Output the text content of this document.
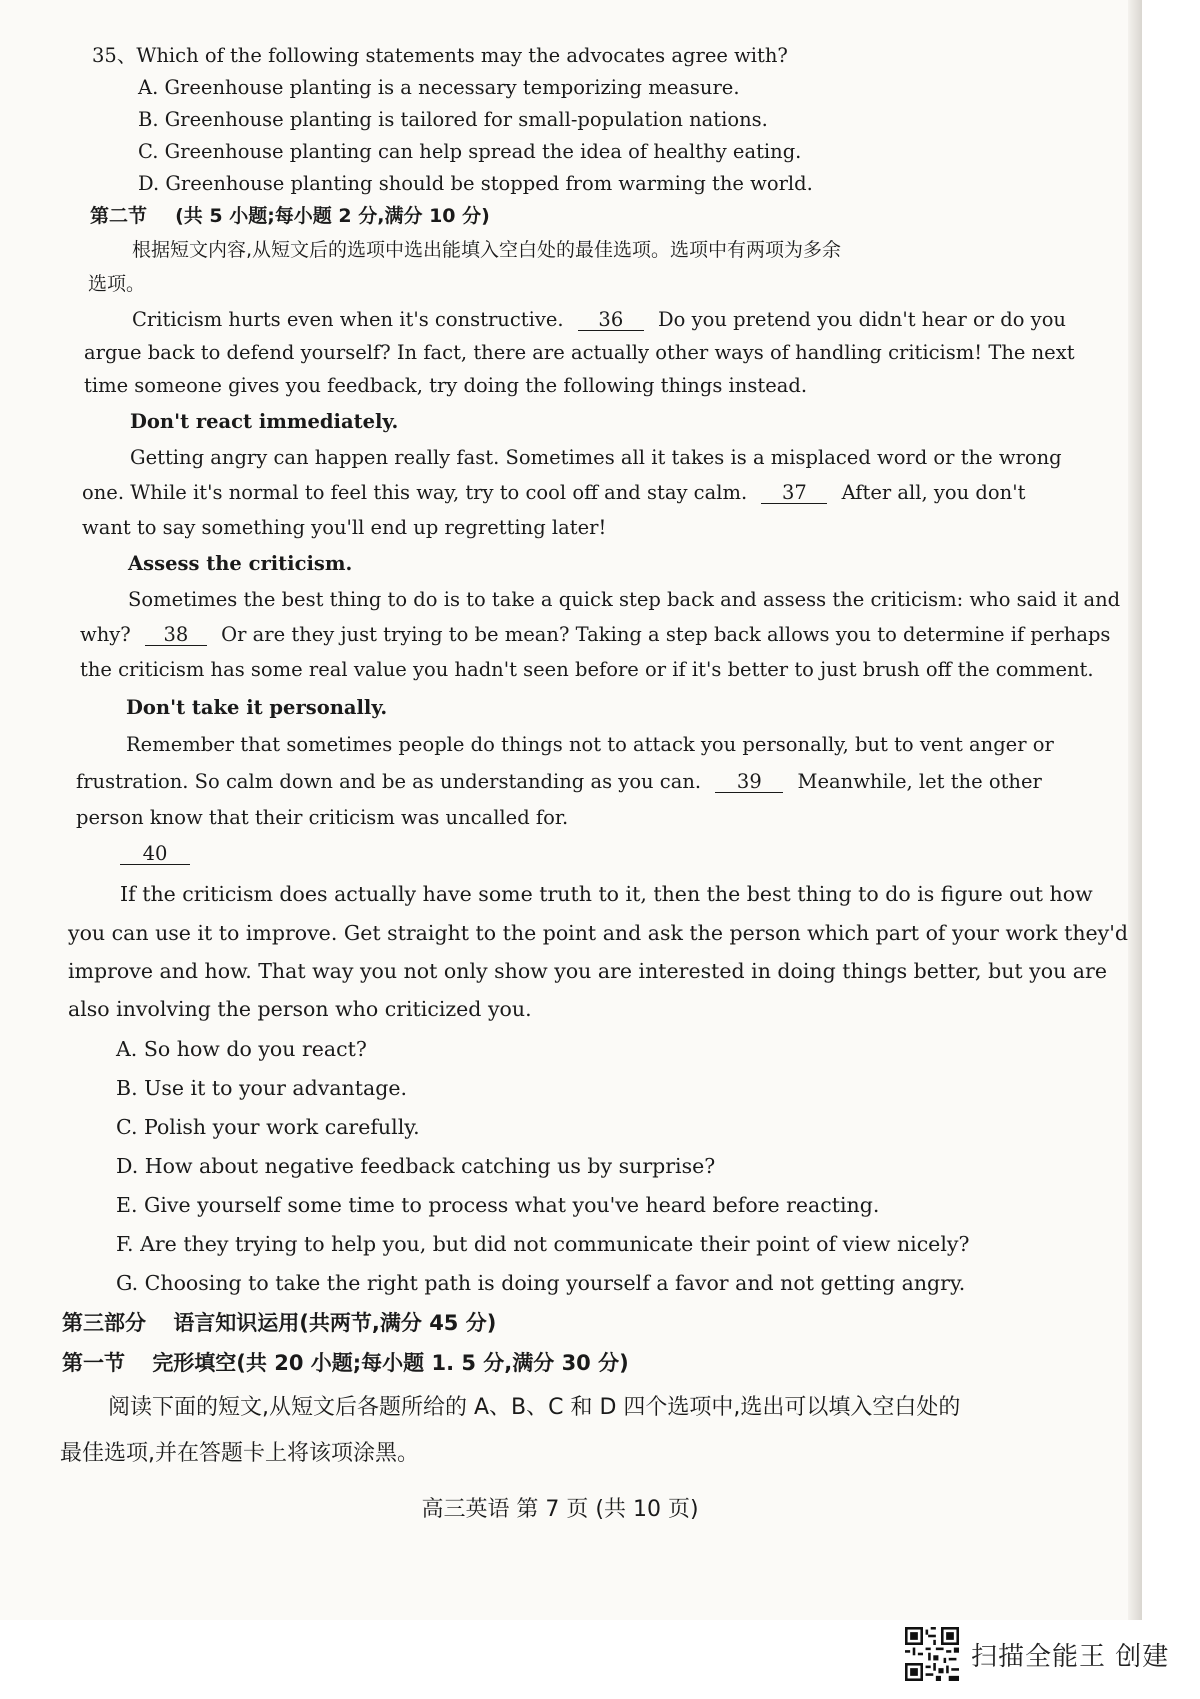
35、Which of the following statements may the advocates agree with?
A. Greenhouse planting is a necessary temporizing measure.
B. Greenhouse planting is tailored for small-population nations.
C. Greenhouse planting can help spread the idea of healthy eating.
D. Greenhouse planting should be stopped from warming the world.
第二节 (共 5 小题;每小题 2 分,满分 10 分)
根据短文内容,从短文后的选项中选出能填入空白处的最佳选项。选项中有两项为多余
选项。
Criticism hurts even when it's constructive. 36 Do you pretend you didn't hear or do you
argue back to defend yourself? In fact, there are actually other ways of handling criticism! The next
time someone gives you feedback, try doing the following things instead.
Don't react immediately.
Getting angry can happen really fast. Sometimes all it takes is a misplaced word or the wrong
one. While it's normal to feel this way, try to cool off and stay calm. 37 After all, you don't
want to say something you'll end up regretting later!
Assess the criticism.
Sometimes the best thing to do is to take a quick step back and assess the criticism: who said it and
why? 38 Or are they just trying to be mean? Taking a step back allows you to determine if perhaps
the criticism has some real value you hadn't seen before or if it's better to just brush off the comment.
Don't take it personally.
Remember that sometimes people do things not to attack you personally, but to vent anger or
frustration. So calm down and be as understanding as you can. 39 Meanwhile, let the other
person know that their criticism was uncalled for.
40
If the criticism does actually have some truth to it, then the best thing to do is figure out how
you can use it to improve. Get straight to the point and ask the person which part of your work they'd
improve and how. That way you not only show you are interested in doing things better, but you are
also involving the person who criticized you.
A. So how do you react?
B. Use it to your advantage.
C. Polish your work carefully.
D. How about negative feedback catching us by surprise?
E. Give yourself some time to process what you've heard before reacting.
F. Are they trying to help you, but did not communicate their point of view nicely?
G. Choosing to take the right path is doing yourself a favor and not getting angry.
第三部分 语言知识运用(共两节,满分 45 分)
第一节 完形填空(共 20 小题;每小题 1. 5 分,满分 30 分)
阅读下面的短文,从短文后各题所给的 A、B、C 和 D 四个选项中,选出可以填入空白处的
最佳选项,并在答题卡上将该项涂黑。
高三英语 第 7 页 (共 10 页)
扫描全能王 创建
